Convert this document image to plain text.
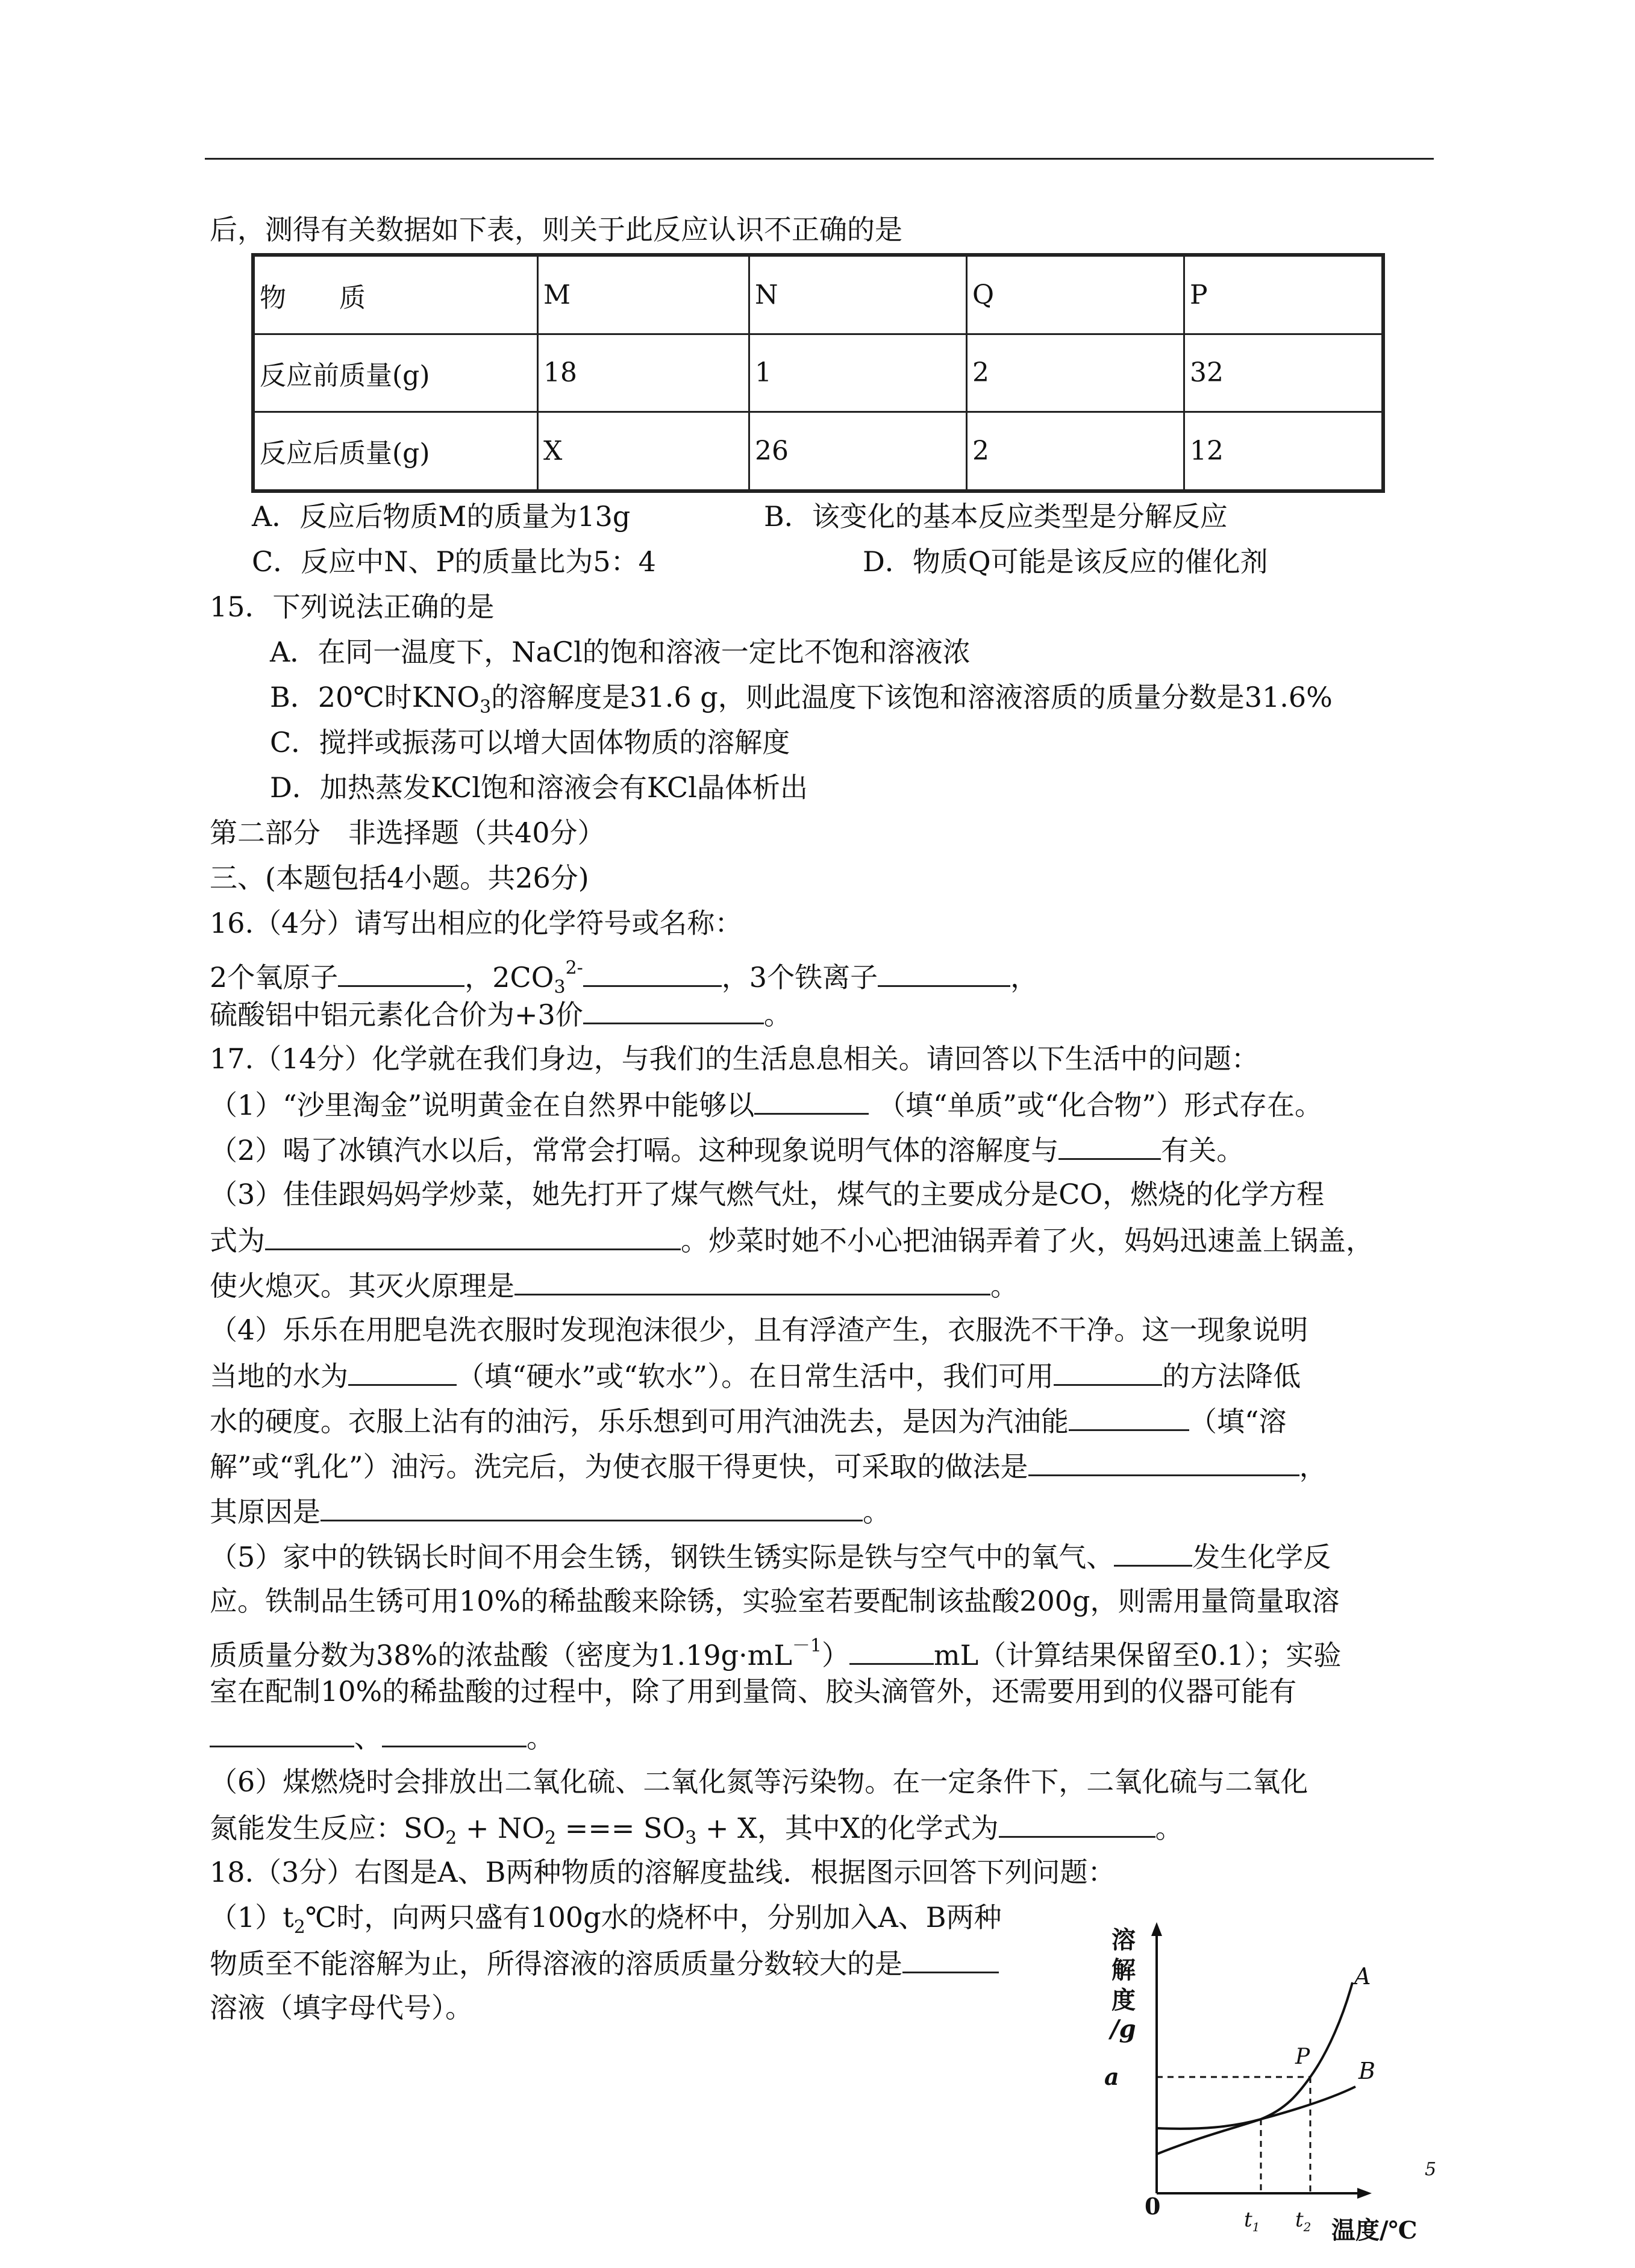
后，测得有关数据如下表，则关于此反应认识不正确的是
物　　质	M	N	Q	P
反应前质量(g)	18	1	2	32
反应后质量(g)	X	26	2	12
A．反应后物质M的质量为13g	B．该变化的基本反应类型是分解反应
C．反应中N、P的质量比为5：4	D．物质Q可能是该反应的催化剂
15．下列说法正确的是
A．在同一温度下，NaCl的饱和溶液一定比不饱和溶液浓
B．20℃时$KNO_3$的溶解度是31.6 g，则此温度下该饱和溶液溶质的质量分数是31.6%
C．搅拌或振荡可以增大固体物质的溶解度
D．加热蒸发KCl饱和溶液会有KCl晶体析出
第二部分　非选择题（共40分）
三、(本题包括4小题。共26分)
16.（4分）请写出相应的化学符号或名称：
2个氧原子	，$2CO_3^{2-}$	，3个铁离子	，
硫酸铝中铝元素化合价为+3价	。
17.（14分）化学就在我们身边，与我们的生活息息相关。请回答以下生活中的问题：
（1）“沙里淘金”说明黄金在自然界中能够以	（填“单质”或“化合物”）形式存在。
（2）喝了冰镇汽水以后，常常会打嗝。这种现象说明气体的溶解度与	有关。
（3）佳佳跟妈妈学炒菜，她先打开了煤气燃气灶，煤气的主要成分是CO，燃烧的化学方程
式为	。炒菜时她不小心把油锅弄着了火，妈妈迅速盖上锅盖，
使火熄灭。其灭火原理是	。
（4）乐乐在用肥皂洗衣服时发现泡沫很少，且有浮渣产生，衣服洗不干净。这一现象说明
当地的水为	（填“硬水”或“软水”）。在日常生活中，我们可用	的方法降低
水的硬度。衣服上沾有的油污，乐乐想到可用汽油洗去，是因为汽油能	（填“溶
解”或“乳化”）油污。洗完后，为使衣服干得更快，可采取的做法是	，
其原因是	。
（5）家中的铁锅长时间不用会生锈，钢铁生锈实际是铁与空气中的氧气、	发生化学反
应。铁制品生锈可用10%的稀盐酸来除锈，实验室若要配制该盐酸200g，则需用量筒量取溶
质质量分数为38%的浓盐酸（密度为$1.19g\cdot mL^{-1}$）	mL（计算结果保留至0.1）；实验
室在配制10%的稀盐酸的过程中，除了用到量筒、胶头滴管外，还需要用到的仪器可能有
、	。
（6）煤燃烧时会排放出二氧化硫、二氧化氮等污染物。在一定条件下，二氧化硫与二氧化
氮能发生反应：$SO_2 + NO_2$ === $SO_3 + X$，其中X的化学式为	。
18.（3分）右图是A、B两种物质的溶解度盐线．根据图示回答下列问题：
$(1)t_2℃$时，向两只盛有100g水的烧杯中，分别加入A、B两种
物质至不能溶解为止，所得溶液的溶质质量分数较大的是
溶液（填字母代号）。
溶
解
度
/g
温度/℃
0
a
$t_1$ $t_2$
P
A
B
5
